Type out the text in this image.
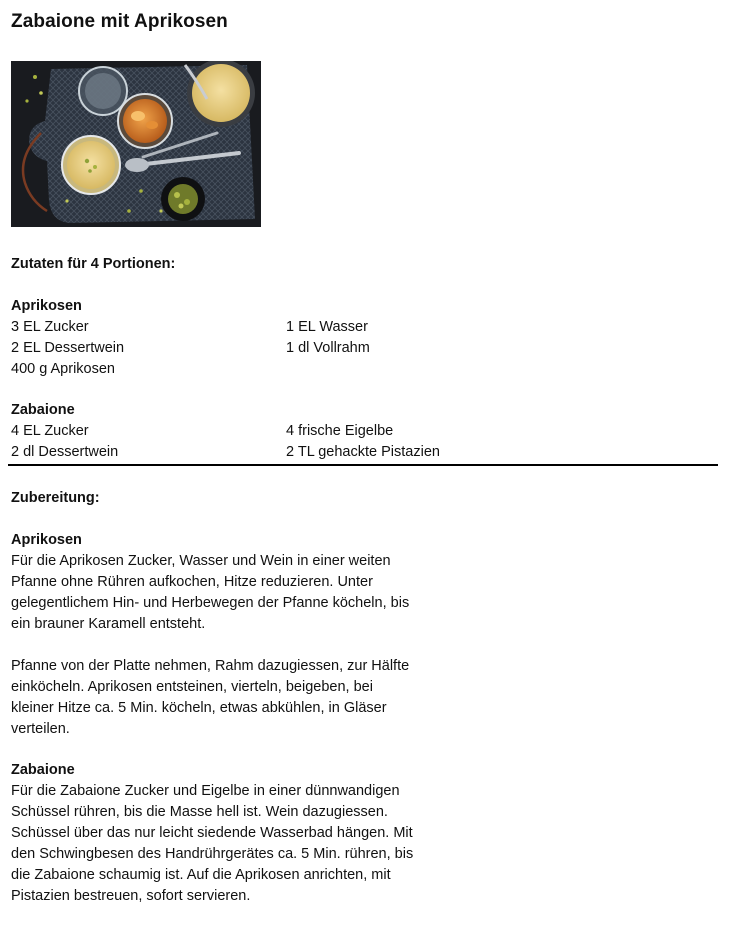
Zabaione mit Aprikosen
Zutaten für 4 Portionen:
Aprikosen
3 EL Zucker
2 EL Dessertwein
400 g Aprikosen
1 EL Wasser
1 dl Vollrahm
Zabaione
4 EL Zucker
2 dl Dessertwein
4 frische Eigelbe
2 TL gehackte Pistazien
Zubereitung:
Aprikosen
Für die Aprikosen Zucker, Wasser und Wein in einer weiten
Pfanne ohne Rühren aufkochen, Hitze reduzieren. Unter
gelegentlichem Hin- und Herbewegen der Pfanne köcheln, bis
ein brauner Karamell entsteht.
Pfanne von der Platte nehmen, Rahm dazugiessen, zur Hälfte
einköcheln. Aprikosen entsteinen, vierteln, beigeben, bei
kleiner Hitze ca. 5 Min. köcheln, etwas abkühlen, in Gläser
verteilen.
Zabaione
Für die Zabaione Zucker und Eigelbe in einer dünnwandigen
Schüssel rühren, bis die Masse hell ist. Wein dazugiessen.
Schüssel über das nur leicht siedende Wasserbad hängen. Mit
den Schwingbesen des Handrührgerätes ca. 5 Min. rühren, bis
die Zabaione schaumig ist. Auf die Aprikosen anrichten, mit
Pistazien bestreuen, sofort servieren.
